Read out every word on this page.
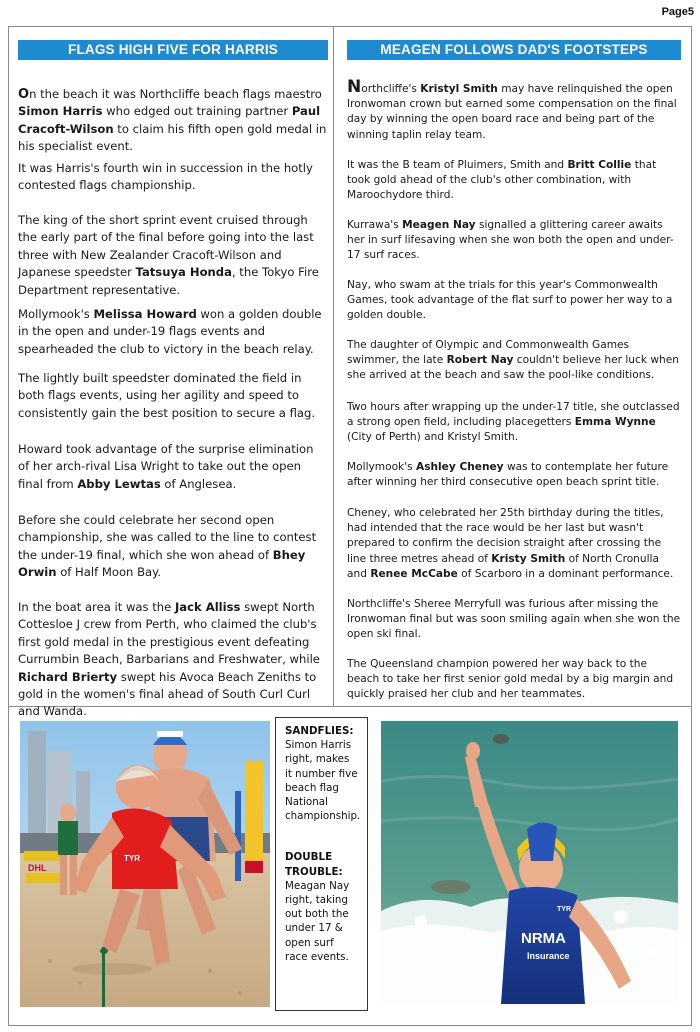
Page5
FLAGS HIGH FIVE FOR HARRIS

On the beach it was Northcliffe beach flags maestro Simon Harris who edged out training partner Paul Cracoft-Wilson to claim his fifth open gold medal in his specialist event.

It was Harris's fourth win in succession in the hotly contested flags championship.

The king of the short sprint event cruised through the early part of the final before going into the last three with New Zealander Cracoft-Wilson and Japanese speedster Tatsuya Honda, the Tokyo Fire Department representative.

Mollymook's Melissa Howard won a golden double in the open and under-19 flags events and spearheaded the club to victory in the beach relay.

The lightly built speedster dominated the field in both flags events, using her agility and speed to consistently gain the best position to secure a flag.

Howard took advantage of the surprise elimination of her arch-rival Lisa Wright to take out the open final from Abby Lewtas of Anglesea.

Before she could celebrate her second open championship, she was called to the line to contest the under-19 final, which she won ahead of Bhey Orwin of Half Moon Bay.

In the boat area it was the Jack Alliss swept North Cottesloe J crew from Perth, who claimed the club's first gold medal in the prestigious event defeating Currumbin Beach, Barbarians and Freshwater, while Richard Brierty swept his Avoca Beach Zeniths to gold in the women's final ahead of South Curl Curl and Wanda.

MEAGEN FOLLOWS DAD'S FOOTSTEPS

Northcliffe's Kristyl Smith may have relinquished the open Ironwoman crown but earned some compensation on the final day by winning the open board race and being part of the winning taplin relay team.

It was the B team of Pluimers, Smith and Britt Collie that took gold ahead of the club's other combination, with Maroochydore third.

Kurrawa's Meagen Nay signalled a glittering career awaits her in surf lifesaving when she won both the open and under-17 surf races.

Nay, who swam at the trials for this year's Commonwealth Games, took advantage of the flat surf to power her way to a golden double.

The daughter of Olympic and Commonwealth Games swimmer, the late Robert Nay couldn't believe her luck when she arrived at the beach and saw the pool-like conditions.

Two hours after wrapping up the under-17 title, she outclassed a strong open field, including placegetters Emma Wynne (City of Perth) and Kristyl Smith.

Mollymook's Ashley Cheney was to contemplate her future after winning her third consecutive open beach sprint title.

Cheney, who celebrated her 25th birthday during the titles, had intended that the race would be her last but wasn't prepared to confirm the decision straight after crossing the line three metres ahead of Kristy Smith of North Cronulla and Renee McCabe of Scarboro in a dominant performance.

Northcliffe's Sheree Merryfull was furious after missing the Ironwoman final but was soon smiling again when she won the open ski final.

The Queensland champion powered her way back to the beach to take her first senior gold medal by a big margin and quickly praised her club and her teammates.

DHL
TYR
SANDFLIES:
Simon Harris right, makes it number five beach flag National championship.
DOUBLE TROUBLE:
Meagan Nay right, taking out both the under 17 & open surf race events.
NRMA
Insurance
TYR
